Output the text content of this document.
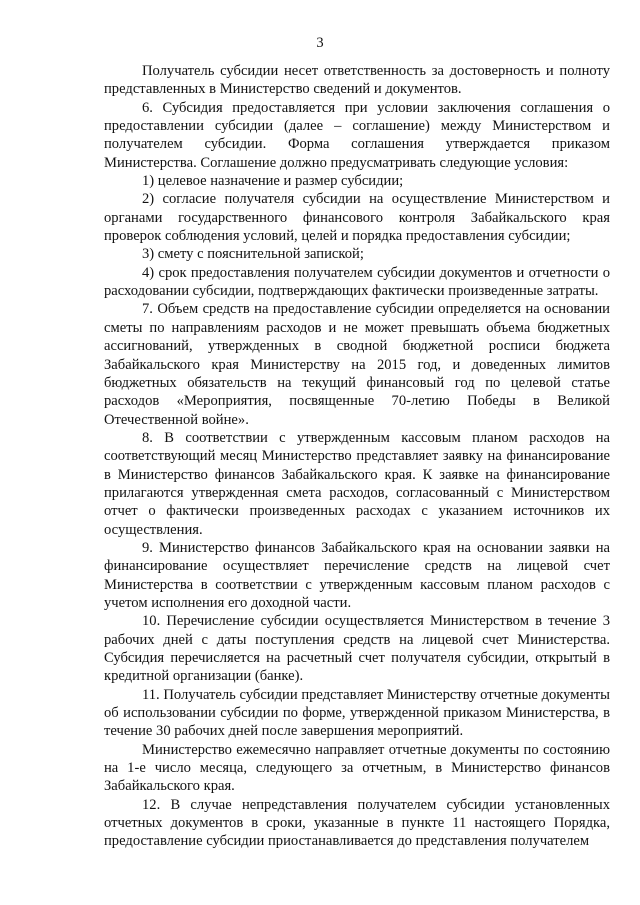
3

Получатель субсидии несет ответственность за достоверность и полноту представленных в Министерство сведений и документов.

6. Субсидия предоставляется при условии заключения соглашения о предоставлении субсидии (далее – соглашение) между Министерством и получателем субсидии. Форма соглашения утверждается приказом Министерства. Соглашение должно предусматривать следующие условия:

1) целевое назначение и размер субсидии;

2) согласие получателя субсидии на осуществление Министерством и органами государственного финансового контроля Забайкальского края проверок соблюдения условий, целей и порядка предоставления субсидии;

3) смету с пояснительной запиской;

4) срок предоставления получателем субсидии документов и отчетности о расходовании субсидии, подтверждающих фактически произведенные затраты.

7. Объем средств на предоставление субсидии определяется на основании сметы по направлениям расходов и не может превышать объема бюджетных ассигнований, утвержденных в сводной бюджетной росписи бюджета Забайкальского края Министерству на 2015 год, и доведенных лимитов бюджетных обязательств на текущий финансовый год по целевой статье расходов «Мероприятия, посвященные 70-летию Победы в Великой Отечественной войне».

8. В соответствии с утвержденным кассовым планом расходов на соответствующий месяц Министерство представляет заявку на финансирование в Министерство финансов Забайкальского края. К заявке на финансирование прилагаются утвержденная смета расходов, согласованный с Министерством отчет о фактически произведенных расходах с указанием источников их осуществления.

9. Министерство финансов Забайкальского края на основании заявки на финансирование осуществляет перечисление средств на лицевой счет Министерства в соответствии с утвержденным кассовым планом расходов с учетом исполнения его доходной части.

10. Перечисление субсидии осуществляется Министерством в течение 3 рабочих дней с даты поступления средств на лицевой счет Министерства. Субсидия перечисляется на расчетный счет получателя субсидии, открытый в кредитной организации (банке).

11. Получатель субсидии представляет Министерству отчетные документы об использовании субсидии по форме, утвержденной приказом Министерства, в течение 30 рабочих дней после завершения мероприятий.

Министерство ежемесячно направляет отчетные документы по состоянию на 1-е число месяца, следующего за отчетным, в Министерство финансов Забайкальского края.

12. В случае непредставления получателем субсидии установленных отчетных документов в сроки, указанные в пункте 11 настоящего Порядка, предоставление субсидии приостанавливается до представления получателем
